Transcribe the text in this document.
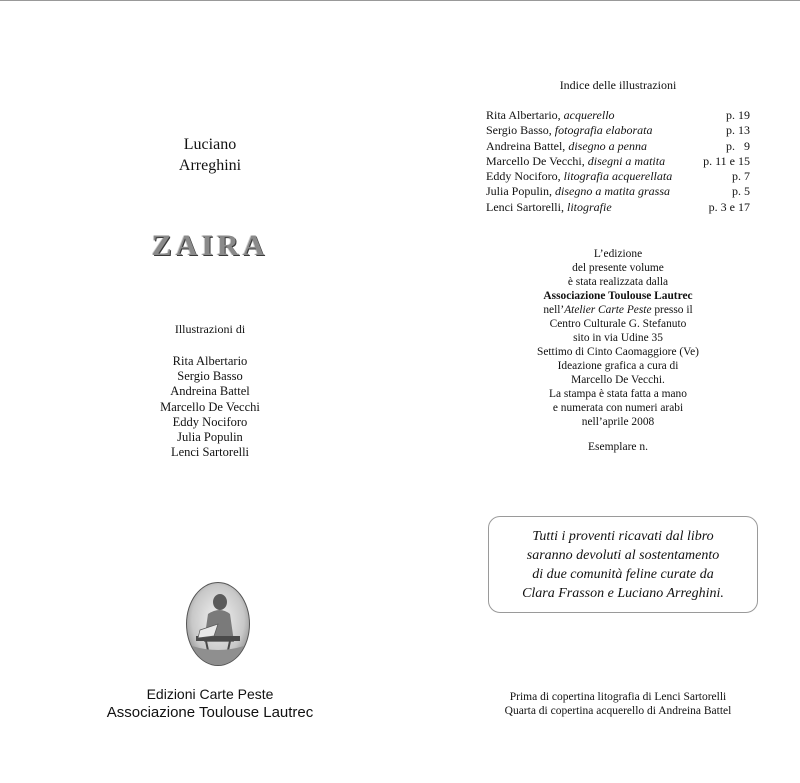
Luciano
Arreghini
ZAIRA
Illustrazioni di
Rita Albertario
Sergio Basso
Andreina Battel
Marcello De Vecchi
Eddy Nociforo
Julia Populin
Lenci Sartorelli
Edizioni Carte Peste
Associazione Toulouse Lautrec
Indice delle illustrazioni
Rita Albertario, acquerello	p. 19
Sergio Basso, fotografia elaborata	p. 13
Andreina Battel, disegno a penna	p.   9
Marcello De Vecchi, disegni a matita	p. 11 e 15
Eddy Nociforo, litografia acquerellata	p. 7
Julia Populin, disegno a matita grassa	p. 5
Lenci Sartorelli, litografie	p. 3 e 17
L’edizione
del presente volume
è stata realizzata dalla
Associazione Toulouse Lautrec
nell’Atelier Carte Peste presso il
Centro Culturale G. Stefanuto
sito in via Udine 35
Settimo di Cinto Caomaggiore (Ve)
Ideazione grafica a cura di
Marcello De Vecchi.
La stampa è stata fatta a mano
e numerata con numeri arabi
nell’aprile 2008
Esemplare n.
Tutti i proventi ricavati dal libro
saranno devoluti al sostentamento
di due comunità feline curate da
Clara Frasson e Luciano Arreghini.
Prima di copertina litografia di Lenci Sartorelli
Quarta di copertina acquerello di Andreina Battel
